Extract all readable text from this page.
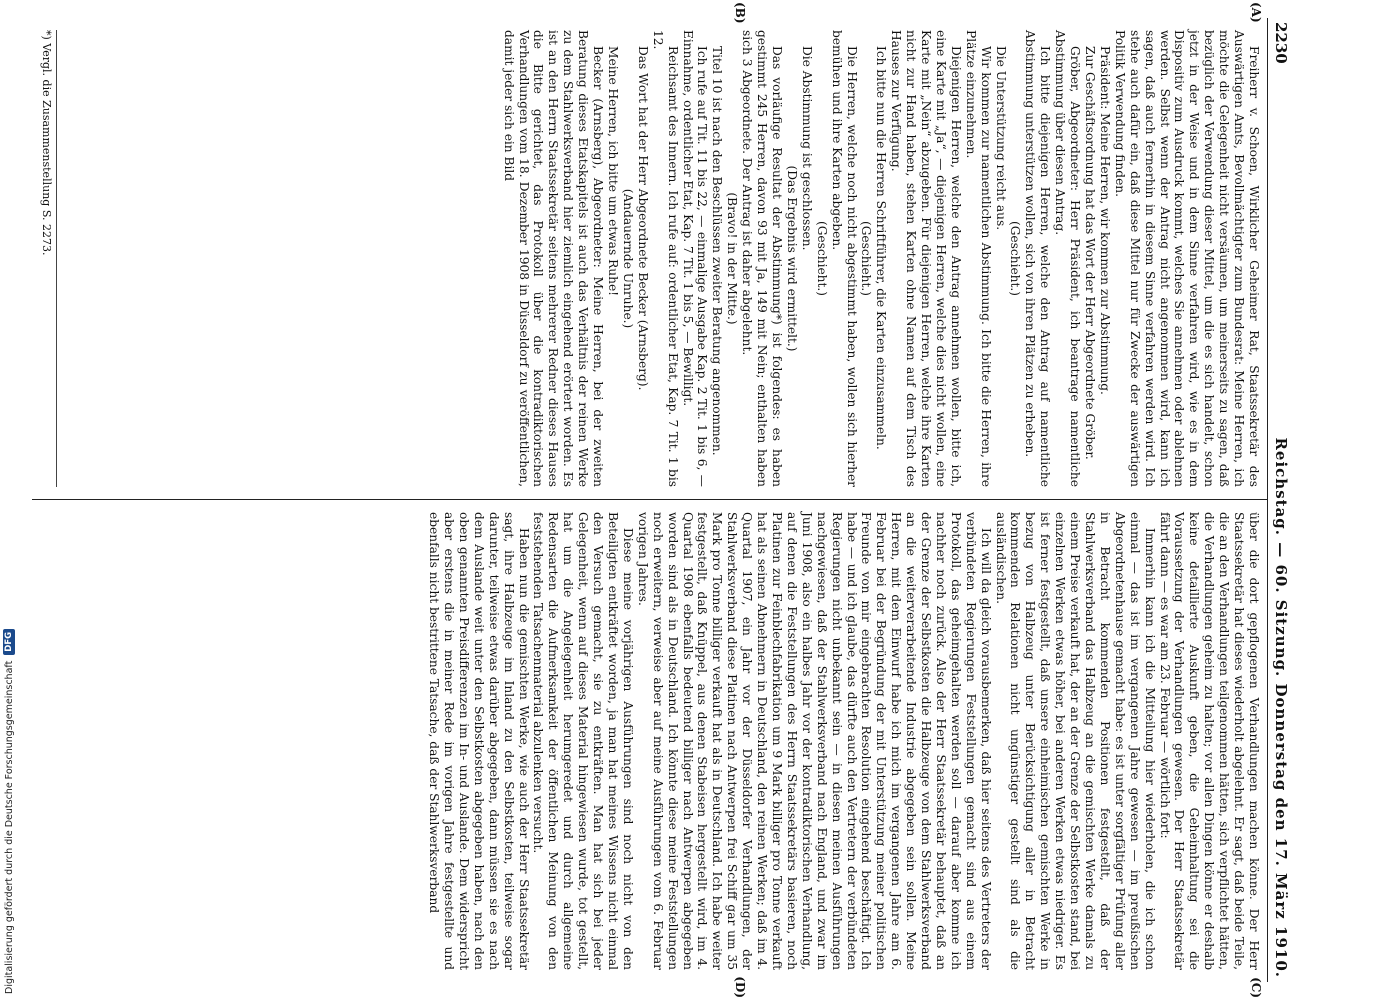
2230
Reichstag. — 60. Sitzung. Donnerstag den 17. März 1910.
(A)
(B)

Freiherr v. Schoen, Wirklicher Geheimer Rat, Staatssekretär des Auswärtigen Amts, Bevollmächtigter zum Bundesrat: Meine Herren, ich möchte die Gelegenheit nicht versäumen, um meinerseits zu sagen, daß bezüglich der Verwendung dieser Mittel, um die es sich handelt, schon jetzt in der Weise und in dem Sinne verfahren wird, wie es in dem Dispositiv zum Ausdruck kommt, welches Sie annehmen oder ablehnen werden. Selbst wenn der Antrag nicht angenommen wird, kann ich sagen, daß auch fernerhin in diesem Sinne verfahren werden wird. Ich stehe auch dafür ein, daß diese Mittel nur für Zwecke der auswärtigen Politik Verwendung finden.

Präsident: Meine Herren, wir kommen zur Abstimmung.

Zur Geschäftsordnung hat das Wort der Herr Abgeordnete Gröber.

Gröber, Abgeordneter: Herr Präsident, ich beantrage namentliche Abstimmung über diesen Antrag.

Ich bitte diejenigen Herren, welche den Antrag auf namentliche Abstimmung unterstützen wollen, sich von ihren Plätzen zu erheben.

(Geschieht.)

Die Unterstützung reicht aus.

Wir kommen zur namentlichen Abstimmung. Ich bitte die Herren, ihre Plätze einzunehmen.

Diejenigen Herren, welche den Antrag annehmen wollen, bitte ich, eine Karte mit „Ja“, — diejenigen Herren, welche dies nicht wollen, eine Karte mit „Nein“ abzugeben. Für diejenigen Herren, welche ihre Karten nicht zur Hand haben, stehen Karten ohne Namen auf dem Tisch des Hauses zur Verfügung.

Ich bitte nun die Herren Schriftführer, die Karten einzusammeln.

(Geschieht.)

Die Herren, welche noch nicht abgestimmt haben, wollen sich hierher bemühen und ihre Karten abgeben.

(Geschieht.)

Die Abstimmung ist geschlossen.

(Das Ergebnis wird ermittelt.)

Das vorläufige Resultat der Abstimmung*) ist folgendes: es haben gestimmt 245 Herren, davon 93 mit Ja, 149 mit Nein; enthalten haben sich 3 Abgeordnete. Der Antrag ist daher abgelehnt.

(Bravo! in der Mitte.)

Titel 10 ist nach den Beschlüssen zweiter Beratung angenommen.

Ich rufe auf Tit. 11 bis 22, — einmalige Ausgabe Kap. 2 Tit. 1 bis 6, — Einnahme, ordentlicher Etat, Kap. 7 Tit. 1 bis 5, — Bewilligt.

Reichsamt des Innern. Ich rufe auf: ordentlicher Etat, Kap. 7 Tit. 1 bis 12.

Das Wort hat der Herr Abgeordnete Becker (Arnsberg).

(Andauernde Unruhe.)

Meine Herren, ich bitte um etwas Ruhe!

Becker (Arnsberg), Abgeordneter: Meine Herren, bei der zweiten Beratung dieses Etatskapitels ist auch das Verhältnis der reinen Werke zu dem Stahlwerksverband hier ziemlich eingehend erörtert worden. Es ist an den Herrn Staatssekretär seitens mehrerer Redner dieses Hauses die Bitte gerichtet, das Protokoll über die kontradiktorischen Verhandlungen vom 18. Dezember 1908 in Düsseldorf zu veröffentlichen, damit jeder sich ein Bild

*) Vergl. die Zusammenstellung S. 2273.
(C)
(D)

über die dort gepflogenen Verhandlungen machen könne. Der Herr Staatssekretär hat dieses wiederholt abgelehnt. Er sagt, daß beide Teile, die an den Verhandlungen teilgenommen hätten, sich verpflichtet hätten, die Verhandlungen geheim zu halten; vor allen Dingen könne er deshalb keine detaillierte Auskunft geben, die Geheimhaltung sei die Voraussetzung der Verhandlungen gewesen. Der Herr Staatssekretär fährt dann — es war am 23. Februar — wörtlich fort:

Immerhin kann ich die Mitteilung hier wiederholen, die ich schon einmal — das ist im vergangenen Jahre gewesen — im preußischen Abgeordnetenhause gemacht habe: es ist unter sorgfältiger Prüfung aller in Betracht kommenden Positionen festgestellt, daß der Stahlwerksverband das Halbzeug an die gemischten Werke damals zu einem Preise verkauft hat, der an der Grenze der Selbstkosten stand, bei einzelnen Werken etwas höher, bei anderen Werken etwas niedriger. Es ist ferner festgestellt, daß unsere einheimischen gemischten Werke in bezug von Halbzeug unter Berücksichtigung aller in Betracht kommenden Relationen nicht ungünstiger gestellt sind als die ausländischen.

Ich will da gleich vorausbemerken, daß hier seitens des Vertreters der verbündeten Regierungen Feststellungen gemacht sind aus einem Protokoll, das geheimgehalten werden soll — darauf aber komme ich nachher noch zurück. Also der Herr Staatssekretär behauptet, daß an der Grenze der Selbstkosten die Halbzeuge von dem Stahlwerksverband an die weiterverarbeitende Industrie abgegeben sein sollen. Meine Herren, mit dem Einwurf habe ich mich im vergangenen Jahre am 6. Februar bei der Begründung der mit Unterstützung meiner politischen Freunde von mir eingebrachten Resolution eingehend beschäftigt. Ich habe — und ich glaube, das dürfte auch den Vertretern der verbündeten Regierungen nicht unbekannt sein — in diesen meinen Ausführungen nachgewiesen, daß der Stahlwerksverband nach England, und zwar im Juni 1908, also ein halbes Jahr vor der kontradiktorischen Verhandlung, auf denen die Feststellungen des Herrn Staatssekretärs basieren, noch Platinen zur Feinblechfabrikation um 9 Mark billiger pro Tonne verkauft hat als seinen Abnehmern in Deutschland, den reinen Werken; daß im 4. Quartal 1907, ein Jahr vor der Düsseldorfer Verhandlungen, der Stahlwerksverband diese Platinen nach Antwerpen frei Schiff gar um 35 Mark pro Tonne billiger verkauft hat als in Deutschland. Ich habe weiter festgestellt, daß Knüppel, aus denen Stabeisen hergestellt wird, im 4. Quartal 1908 ebenfalls bedeutend billiger nach Antwerpen abgegeben worden sind als in Deutschland. Ich könnte diese meine Feststellungen noch erweitern, verweise aber auf meine Ausführungen vom 6. Februar vorigen Jahres.

Diese meine vorjährigen Ausführungen sind noch nicht von den Beteiligten entkräftet worden, ja man hat meines Wissens nicht einmal den Versuch gemacht, sie zu entkräften. Man hat sich bei jeder Gelegenheit, wenn auf dieses Material hingewiesen wurde, tot gestellt, hat um die Angelegenheit herumgeredet und durch allgemeine Redensarten die Aufmerksamkeit der öffentlichen Meinung von den feststehenden Tatsachenmaterial abzulenken versucht.

Haben nun die gemischten Werke, wie auch der Herr Staatssekretär sagt, ihre Halbzeuge im Inland zu den Selbstkosten, teilweise sogar darunter, teilweise etwas darüber abgegeben, dann müssen sie es nach dem Auslande weit unter den Selbstkosten abgegeben haben, nach den oben genannten Preisdifferenzen im In- und Auslande. Dem widerspricht aber erstens die in meiner Rede im vorigen Jahre festgestellte und ebenfalls nicht bestrittene Tatsache, daß der Stahlwerksverband

Digitalisierung gefördert durch die Deutsche Forschungsgemeinschaft
DFG
